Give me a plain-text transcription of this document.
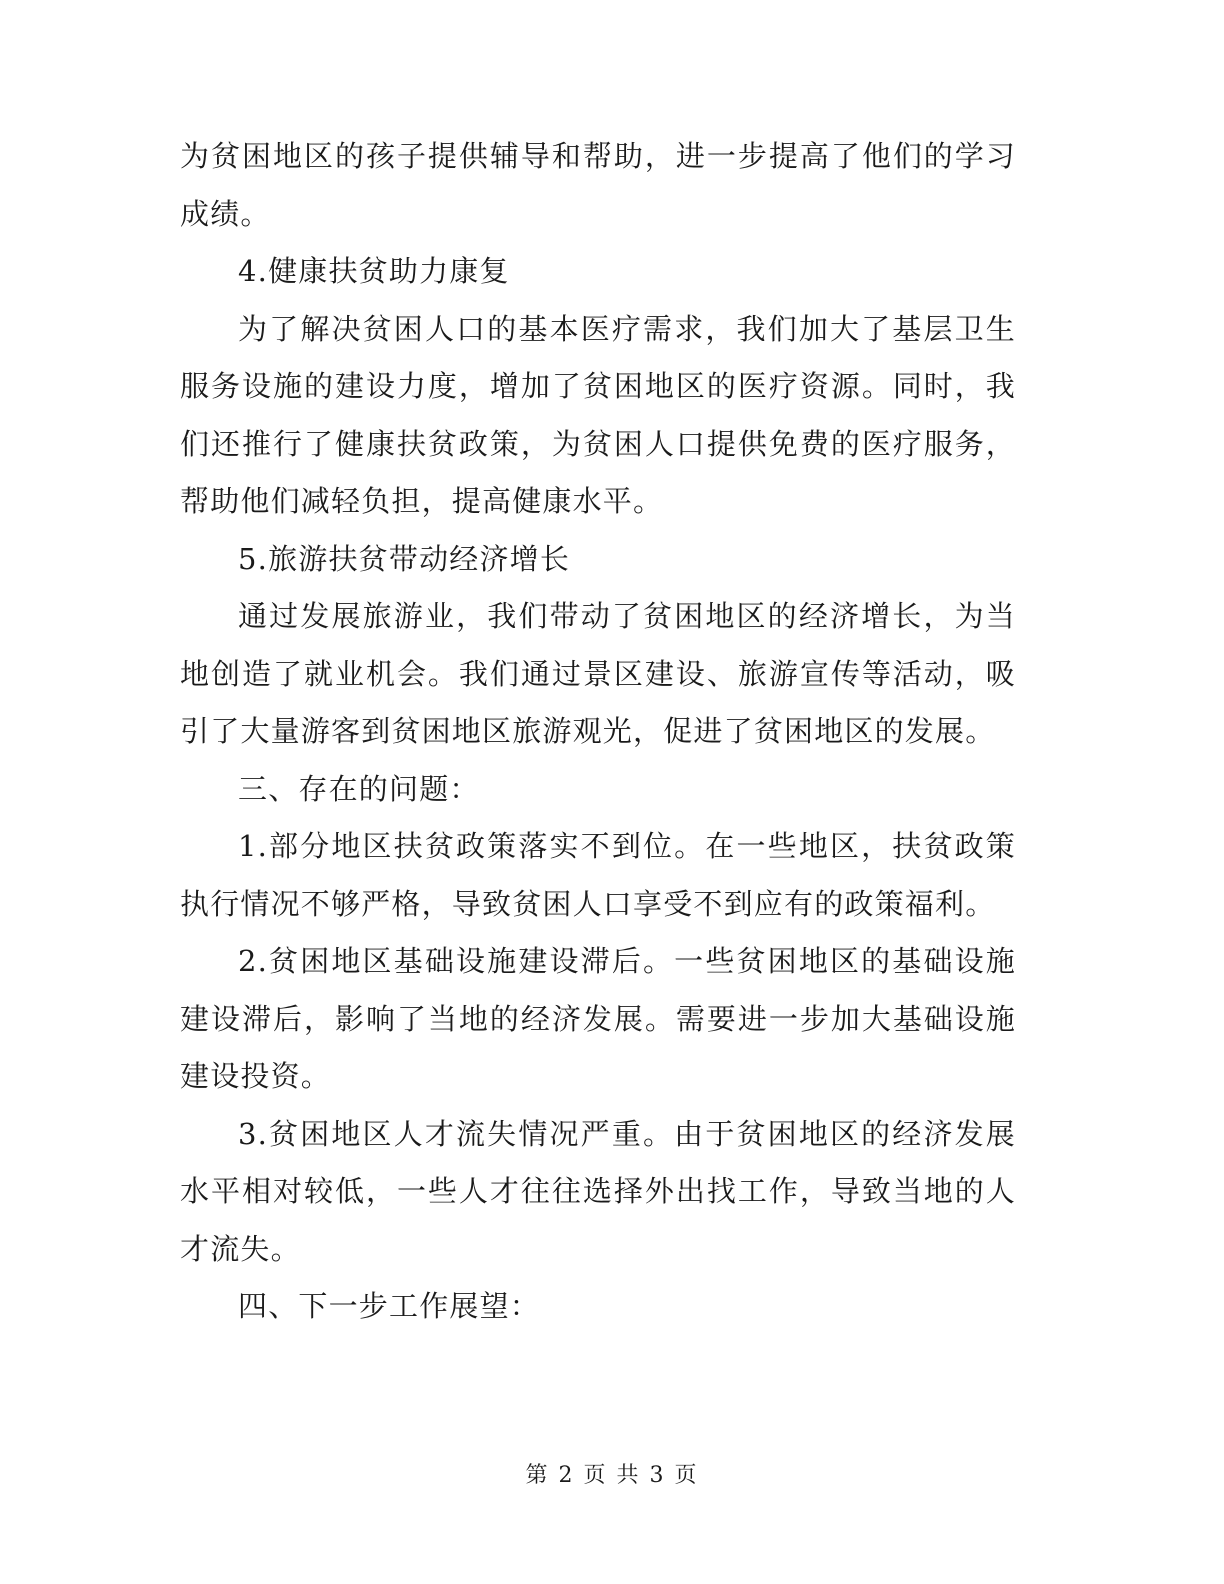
为贫困地区的孩子提供辅导和帮助，进一步提高了他们的学习成绩。

4.健康扶贫助力康复

为了解决贫困人口的基本医疗需求，我们加大了基层卫生服务设施的建设力度，增加了贫困地区的医疗资源。同时，我们还推行了健康扶贫政策，为贫困人口提供免费的医疗服务，帮助他们减轻负担，提高健康水平。

5.旅游扶贫带动经济增长

通过发展旅游业，我们带动了贫困地区的经济增长，为当地创造了就业机会。我们通过景区建设、旅游宣传等活动，吸引了大量游客到贫困地区旅游观光，促进了贫困地区的发展。

三、存在的问题：

1.部分地区扶贫政策落实不到位。在一些地区，扶贫政策执行情况不够严格，导致贫困人口享受不到应有的政策福利。

2.贫困地区基础设施建设滞后。一些贫困地区的基础设施建设滞后，影响了当地的经济发展。需要进一步加大基础设施建设投资。

3.贫困地区人才流失情况严重。由于贫困地区的经济发展水平相对较低，一些人才往往选择外出找工作，导致当地的人才流失。

四、下一步工作展望：

第 2 页 共 3 页
